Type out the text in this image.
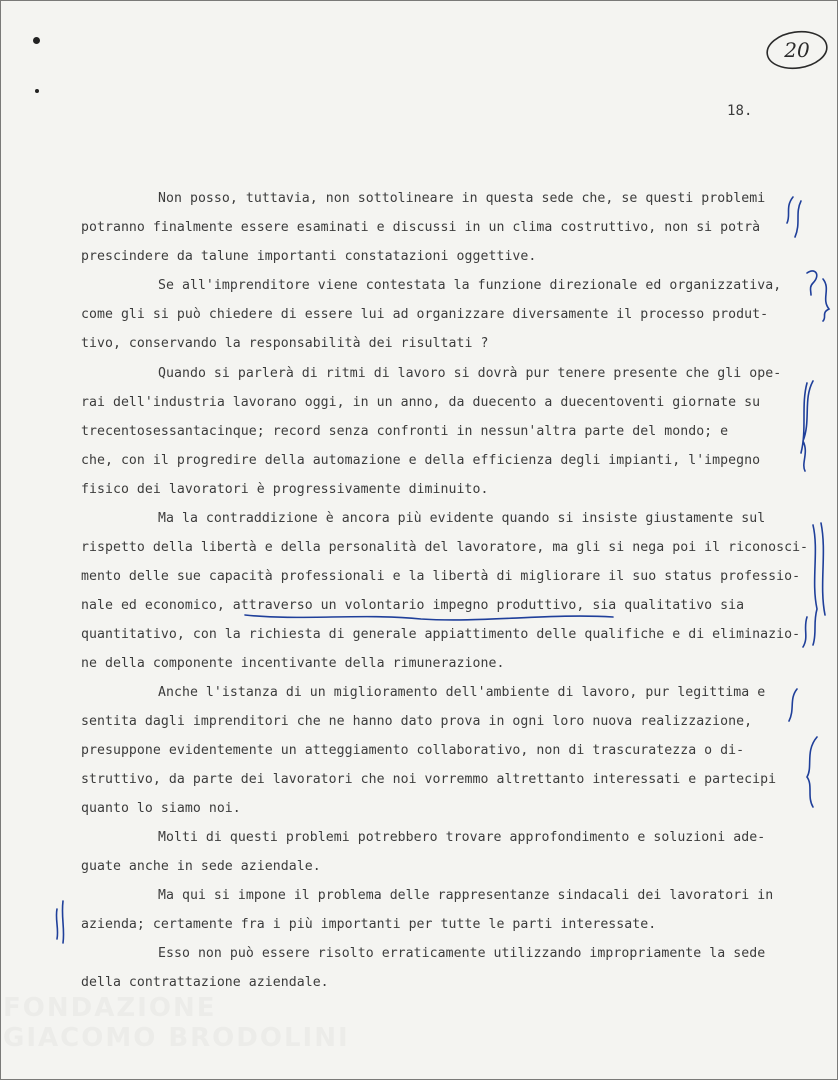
FONDAZIONE
GIACOMO BRODOLINI
20
18.
Non posso, tuttavia, non sottolineare in questa sede che, se questi problemi
potranno finalmente essere esaminati e discussi in un clima costruttivo, non si potrà
prescindere da talune importanti constatazioni oggettive.
Se all'imprenditore viene contestata la funzione direzionale ed organizzativa,
come gli si può chiedere di essere lui ad organizzare diversamente il processo produt-
tivo, conservando la responsabilità dei risultati ?
Quando si parlerà di ritmi di lavoro si dovrà pur tenere presente che gli ope-
rai dell'industria lavorano oggi, in un anno, da duecento a duecentoventi giornate su
trecentosessantacinque; record senza confronti in nessun'altra parte del mondo; e
che, con il progredire della automazione e della efficienza degli impianti, l'impegno
fisico dei lavoratori è progressivamente diminuito.
Ma la contraddizione è ancora più evidente quando si insiste giustamente sul
rispetto della libertà e della personalità del lavoratore, ma gli si nega poi il riconosci-
mento delle sue capacità professionali e la libertà di migliorare il suo status professio-
nale ed economico, attraverso un volontario impegno produttivo, sia qualitativo sia
quantitativo, con la richiesta di generale appiattimento delle qualifiche e di eliminazio-
ne della componente incentivante della rimunerazione.
Anche l'istanza di un miglioramento dell'ambiente di lavoro, pur legittima e
sentita dagli imprenditori che ne hanno dato prova in ogni loro nuova realizzazione,
presuppone evidentemente un atteggiamento collaborativo, non di trascuratezza o di-
struttivo, da parte dei lavoratori che noi vorremmo altrettanto interessati e partecipi
quanto lo siamo noi.
Molti di questi problemi potrebbero trovare approfondimento e soluzioni ade-
guate anche in sede aziendale.
Ma qui si impone il problema delle rappresentanze sindacali dei lavoratori in
azienda; certamente fra i più importanti per tutte le parti interessate.
Esso non può essere risolto erraticamente utilizzando impropriamente la sede
della contrattazione aziendale.
